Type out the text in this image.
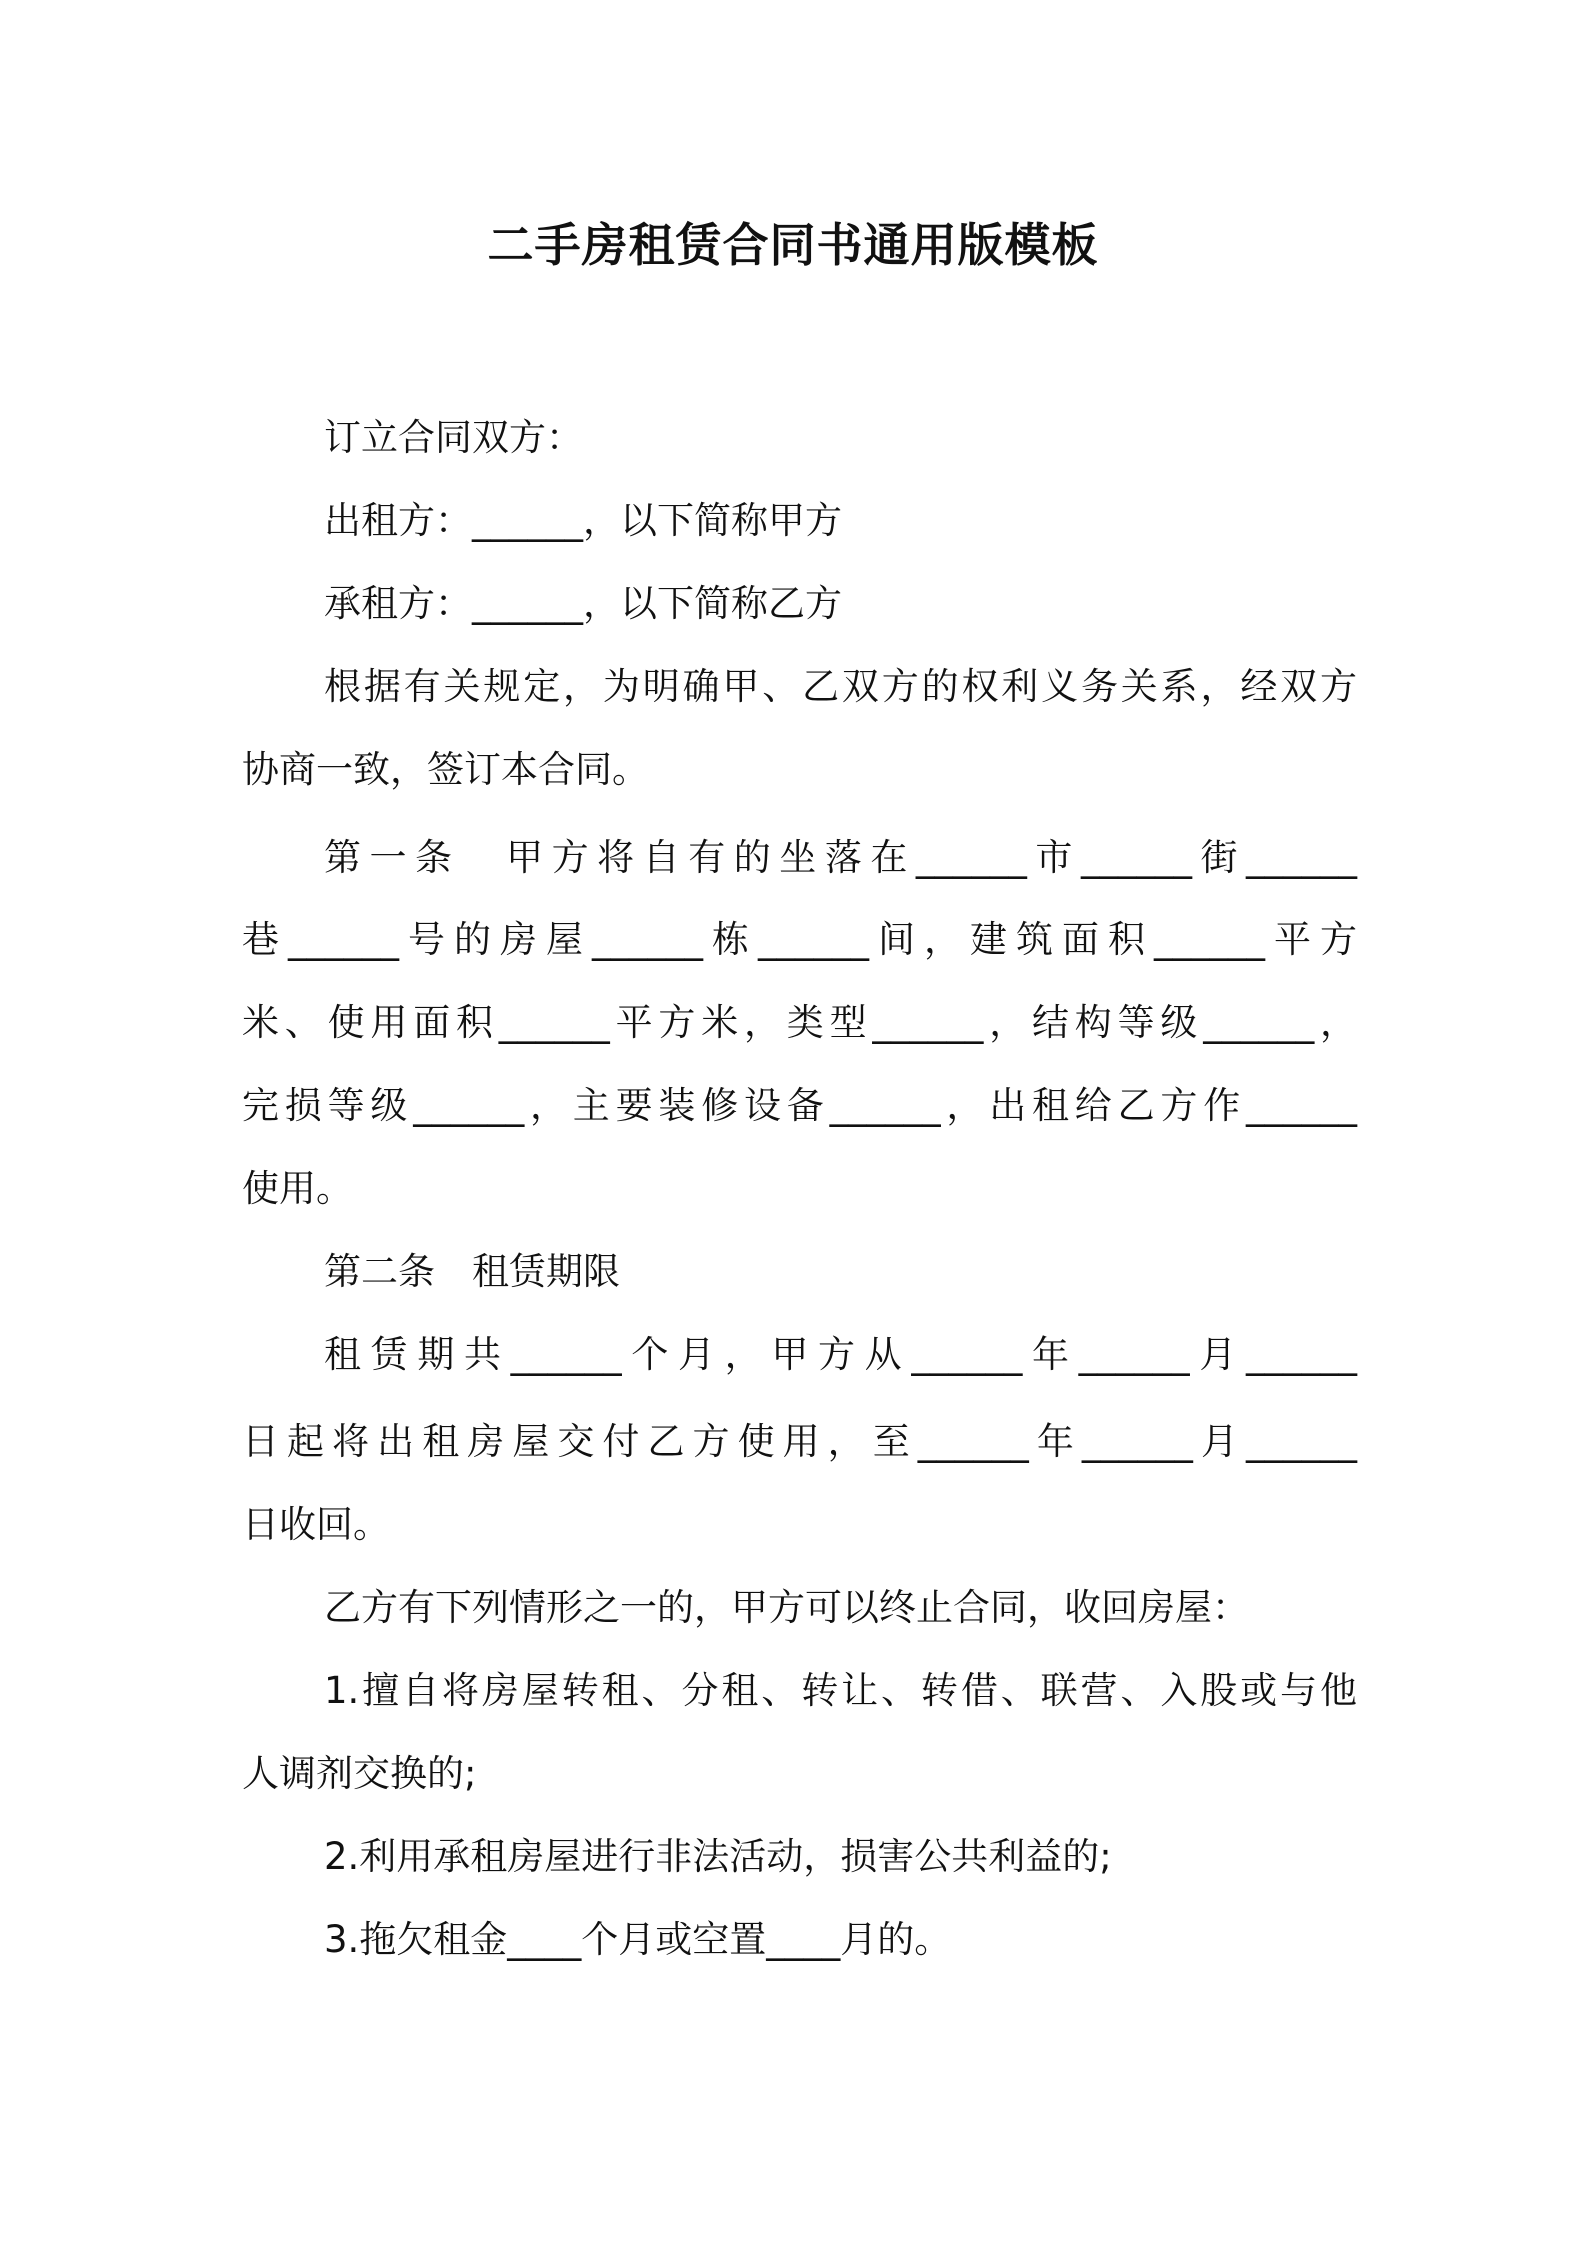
二手房租赁合同书通用版模板
订立合同双方：
出租方：______，以下简称甲方
承租方：______，以下简称乙方
根据有关规定，为明确甲、乙双方的权利义务关系，经双方
协商一致，签订本合同。
第一条　甲方将自有的坐落在______市______街______
巷______号的房屋______栋______间，建筑面积______平方
米、使用面积______平方米，类型______，结构等级______，
完损等级______，主要装修设备______，出租给乙方作______
使用。
第二条　租赁期限
租赁期共______个月，甲方从______年______月______
日起将出租房屋交付乙方使用，至______年______月______
日收回。
乙方有下列情形之一的，甲方可以终止合同，收回房屋：
1.擅自将房屋转租、分租、转让、转借、联营、入股或与他
人调剂交换的;
2.利用承租房屋进行非法活动，损害公共利益的;
3.拖欠租金____个月或空置____月的。
